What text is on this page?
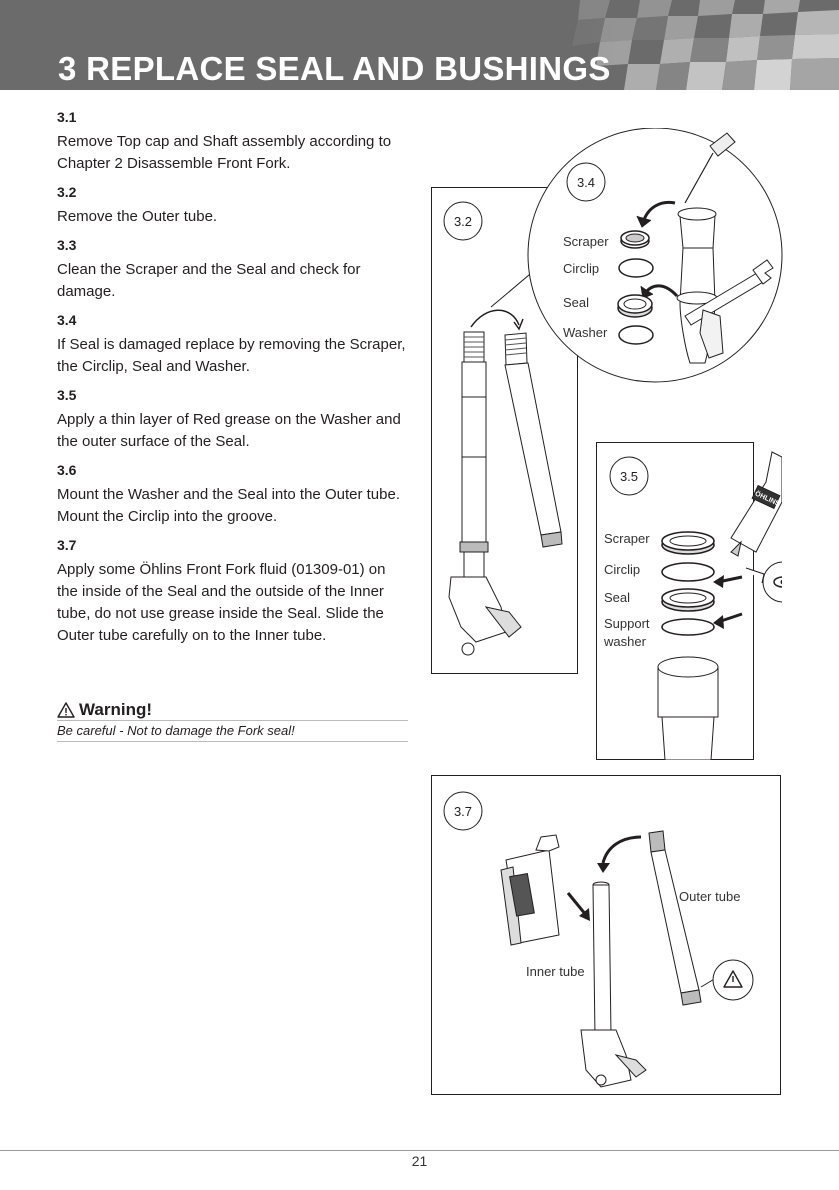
3 REPLACE SEAL AND BUSHINGS
3.1
Remove Top cap and Shaft assembly according to Chapter 2 Disassemble Front Fork.
3.2
Remove the Outer tube.
3.3
Clean the Scraper and the Seal and check for damage.
3.4
If Seal is damaged replace by removing the Scraper, the Circlip, Seal and Washer.
3.5
Apply a thin layer of Red grease on the Washer and the outer surface of the Seal.
3.6
Mount the Washer and the Seal into the Outer tube. Mount the Circlip into the groove.
3.7
Apply some Öhlins Front Fork fluid (01309-01) on the inside of the Seal and the outside of the Inner tube, do not use grease inside the Seal. Slide the Outer tube carefully on to the Inner tube.
Warning!
Be careful - Not to damage the Fork seal!
3.2
3.4
Scraper
Circlip
Seal
Washer
ÖHLINS
3.5
Scraper
Circlip
Seal
Support
washer
3.7
Outer tube
Inner tube
21
